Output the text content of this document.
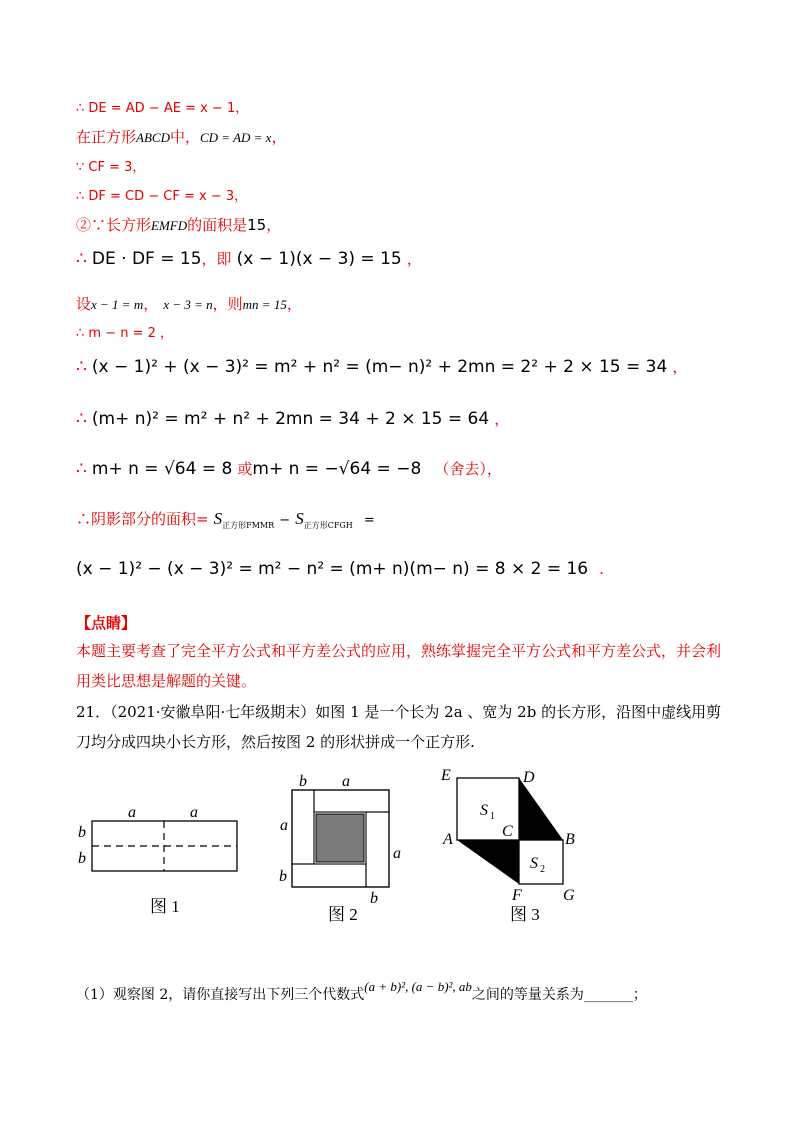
∴ DE = AD − AE = x − 1，
在正方形ABCD中，CD = AD = x，
∵ CF = 3，
∴ DF = CD − CF = x − 3，
②∵长方形EMFD的面积是15，
∴ DE · DF = 15，即 (x − 1)(x − 3) = 15 ，
设x − 1 = m， x − 3 = n，则mn = 15，
∴ m − n = 2 ，
∴ (x − 1)² + (x − 3)² = m² + n² = (m− n)² + 2mn = 2² + 2 × 15 = 34 ，
∴ (m+ n)² = m² + n² + 2mn = 34 + 2 × 15 = 64 ，
∴ m+ n = √64 = 8 或m+ n = −√64 = −8 （舍去），
∴阴影部分的面积= $S_{正方形FMMR} - S_{正方形CFGH}$ =
(x − 1)² − (x − 3)² = m² − n² = (m+ n)(m− n) = 8 × 2 = 16 .
【点睛】
本题主要考查了完全平方公式和平方差公式的应用，熟练掌握完全平方公式和平方差公式，并会利用类比思想是解题的关键。
21．（2021·安徽阜阳·七年级期末）如图 1 是一个长为 2a 、宽为 2b 的长方形，沿图中虚线用剪刀均分成四块小长方形，然后按图 2 的形状拼成一个正方形.
a	a
b
b
图 1
b a
a
a
b
b
图 2
E	D
S 1
C
A	B
S 2
F	G
图 3
（1）观察图 2，请你直接写出下列三个代数式(a + b)², (a − b)², ab之间的等量关系为_______；
